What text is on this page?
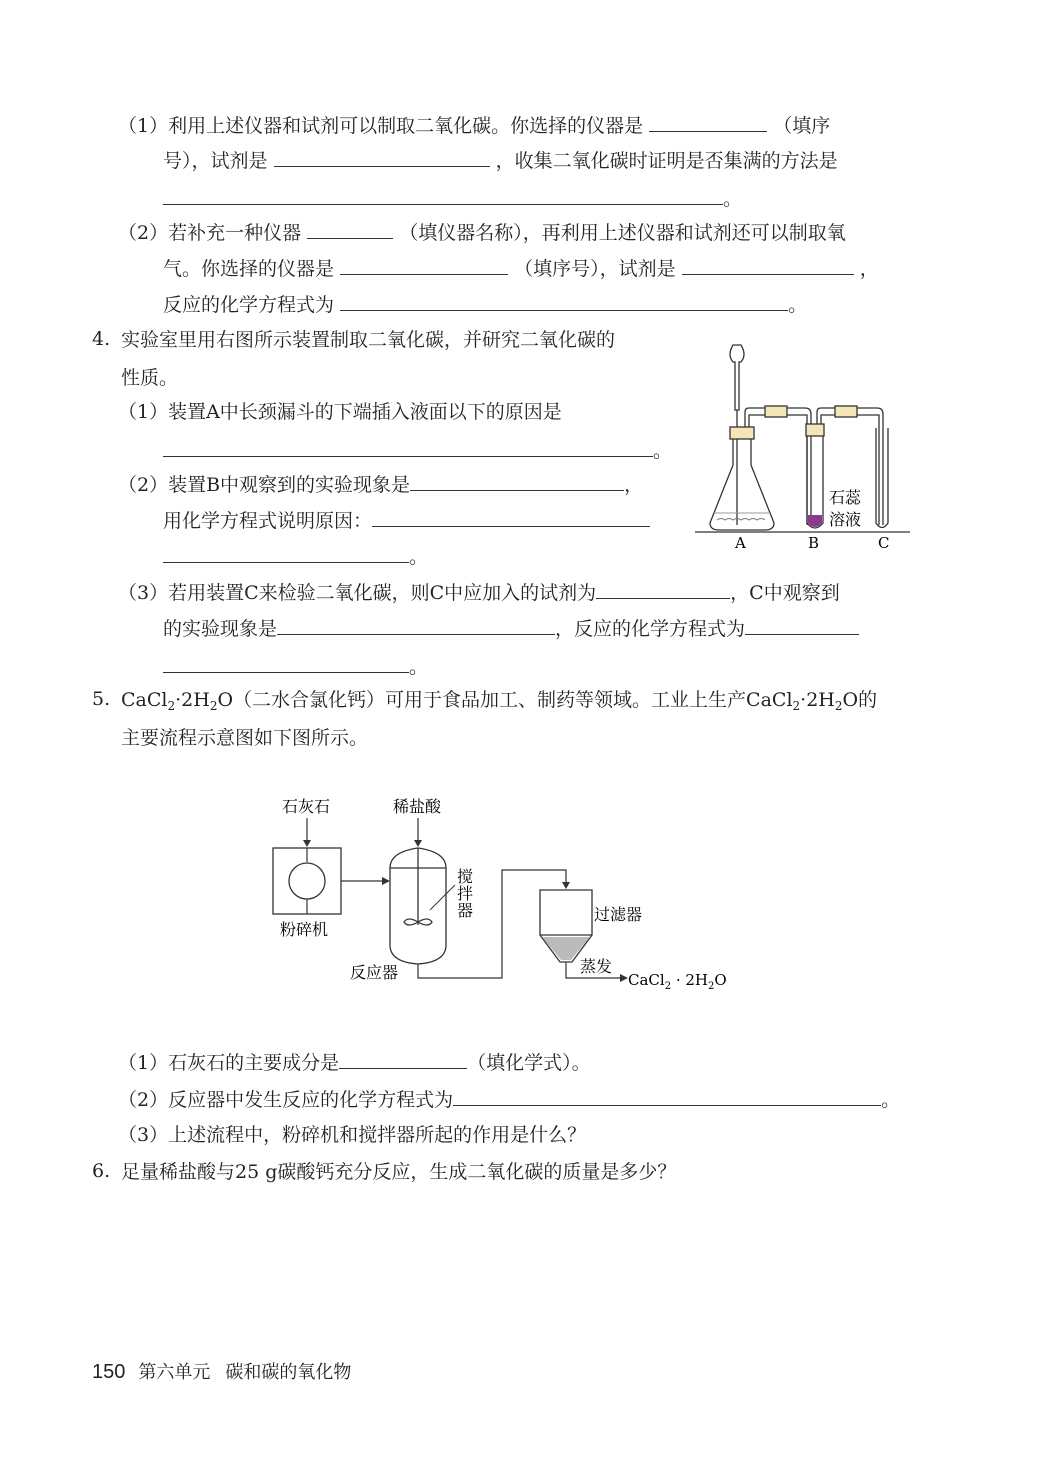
（1）利用上述仪器和试剂可以制取二氧化碳。你选择的仪器是	（填序
号），试剂是	，收集二氧化碳时证明是否集满的方法是
。
（2）若补充一种仪器	（填仪器名称），再利用上述仪器和试剂还可以制取氧
气。你选择的仪器是	（填序号），试剂是	，
反应的化学方程式为	。
4. 实验室里用右图所示装置制取二氧化碳，并研究二氧化碳的
性质。
（1）装置A中长颈漏斗的下端插入液面以下的原因是
。
（2）装置B中观察到的实验现象是	，
用化学方程式说明原因：
。
（3）若用装置C来检验二氧化碳，则C中应加入的试剂为	，C中观察到
的实验现象是	，反应的化学方程式为
。
石蕊
溶液
A	B	C
5. $CaCl_2\cdot 2H_2O$（二水合氯化钙）可用于食品加工、制药等领域。工业上生产$CaCl_2\cdot 2H_2O$的
主要流程示意图如下图所示。
石灰石	稀盐酸
粉碎机
搅
拌
器
反应器
过滤器
蒸发
CaCl$_2$ · $2H_2O$
（1）石灰石的主要成分是	（填化学式）。
（2）反应器中发生反应的化学方程式为	。
（3）上述流程中，粉碎机和搅拌器所起的作用是什么？
6. 足量稀盐酸与25 g碳酸钙充分反应，生成二氧化碳的质量是多少？
150 第六单元 碳和碳的氧化物
